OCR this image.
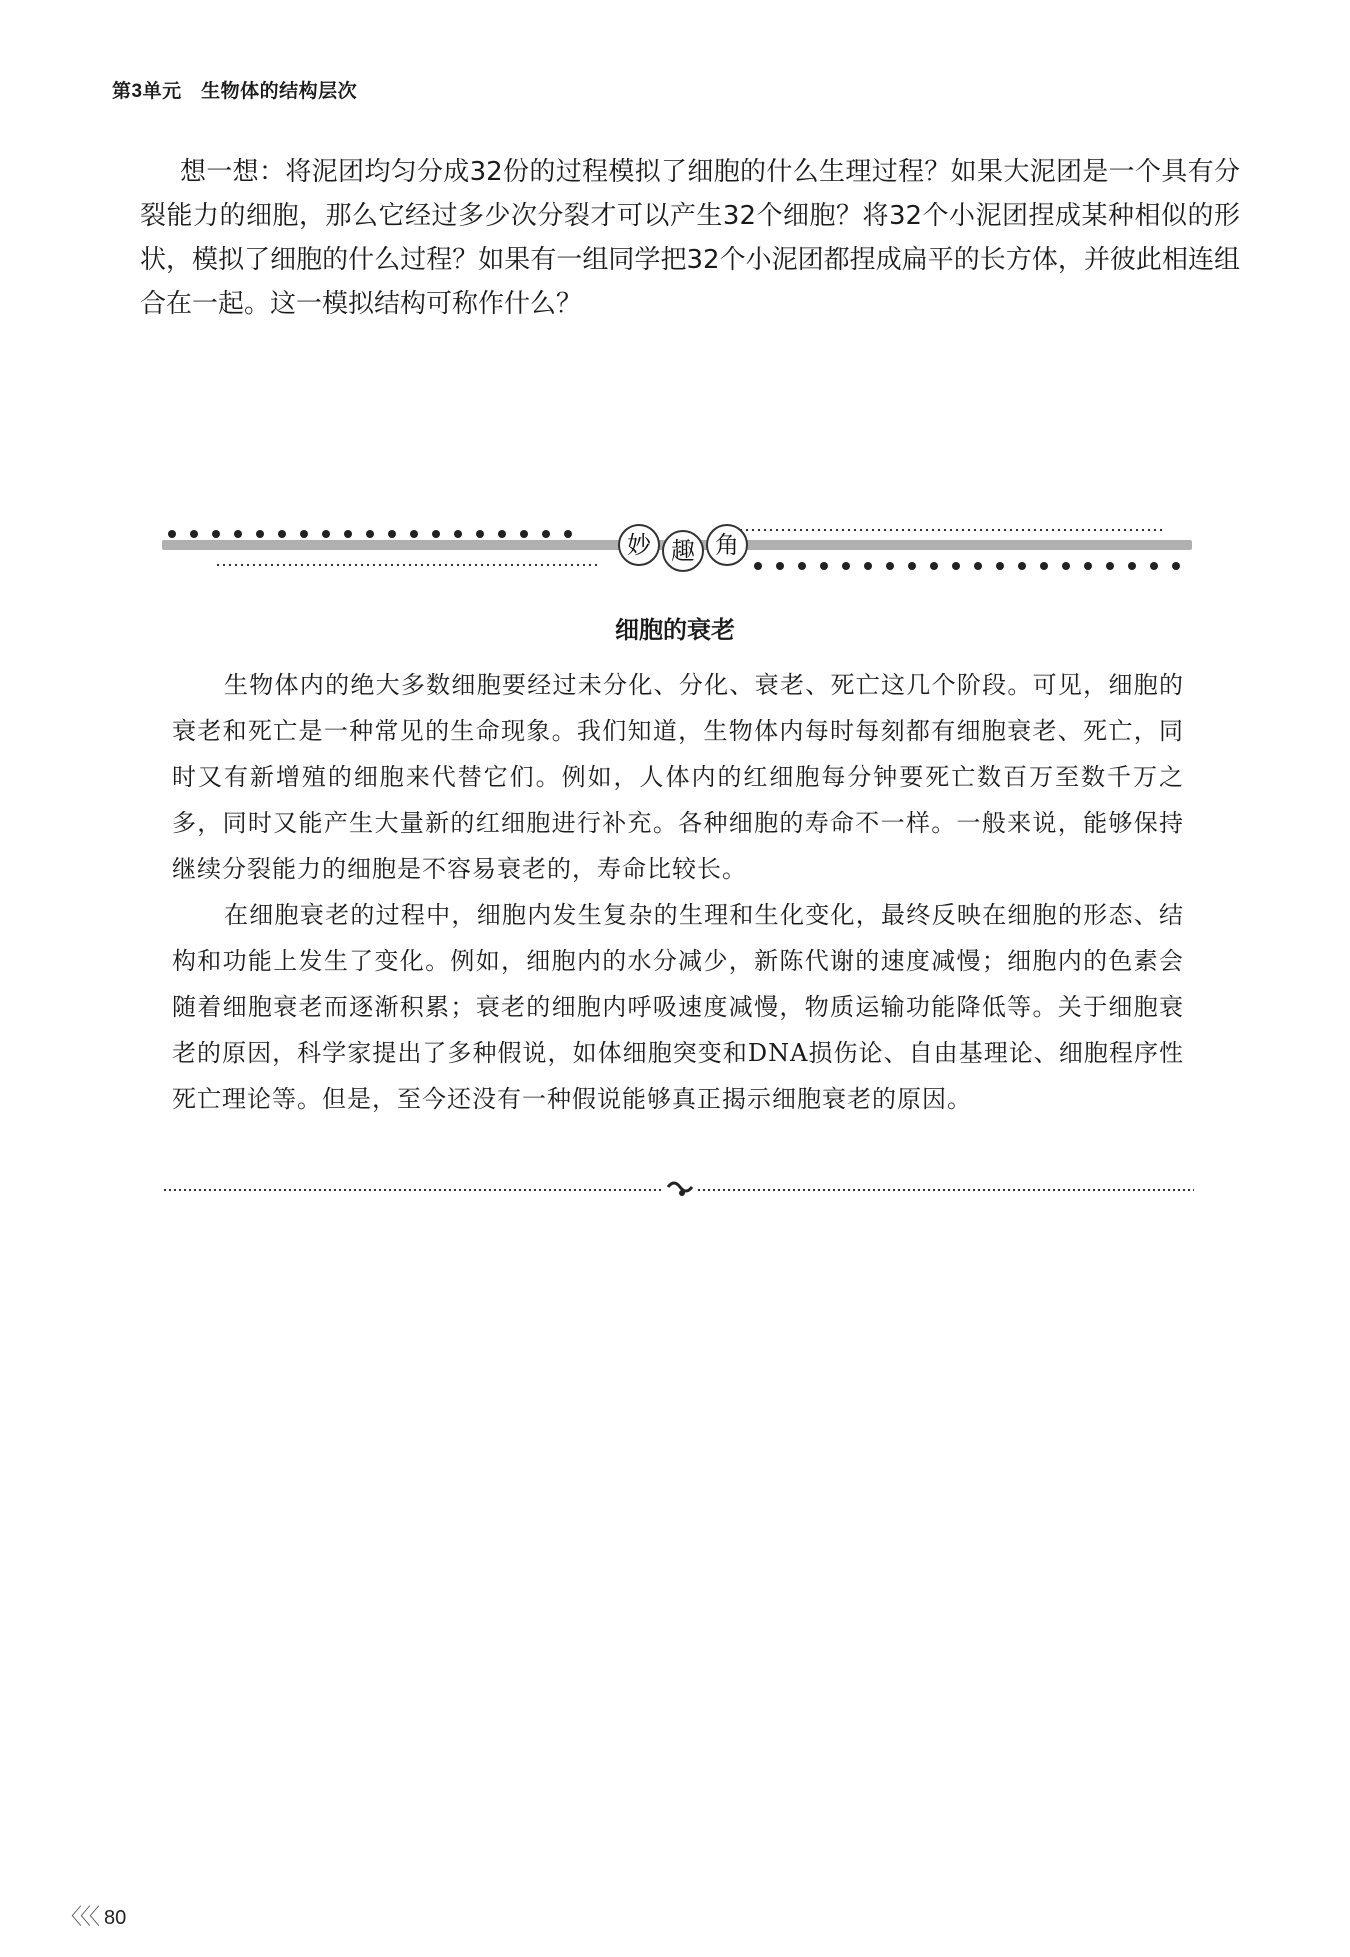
第3单元　生物体的结构层次

想一想：将泥团均匀分成32份的过程模拟了细胞的什么生理过程？如果大泥团是一个具有分裂能力的细胞，那么它经过多少次分裂才可以产生32个细胞？将32个小泥团捏成某种相似的形状，模拟了细胞的什么过程？如果有一组同学把32个小泥团都捏成扁平的长方体，并彼此相连组合在一起。这一模拟结构可称作什么？

妙 趣 角
细胞的衰老

生物体内的绝大多数细胞要经过未分化、分化、衰老、死亡这几个阶段。可见，细胞的衰老和死亡是一种常见的生命现象。我们知道，生物体内每时每刻都有细胞衰老、死亡，同时又有新增殖的细胞来代替它们。例如，人体内的红细胞每分钟要死亡数百万至数千万之多，同时又能产生大量新的红细胞进行补充。各种细胞的寿命不一样。一般来说，能够保持继续分裂能力的细胞是不容易衰老的，寿命比较长。

在细胞衰老的过程中，细胞内发生复杂的生理和生化变化，最终反映在细胞的形态、结构和功能上发生了变化。例如，细胞内的水分减少，新陈代谢的速度减慢；细胞内的色素会随着细胞衰老而逐渐积累；衰老的细胞内呼吸速度减慢，物质运输功能降低等。关于细胞衰老的原因，科学家提出了多种假说，如体细胞突变和DNA损伤论、自由基理论、细胞程序性死亡理论等。但是，至今还没有一种假说能够真正揭示细胞衰老的原因。

〈〈〈 80
